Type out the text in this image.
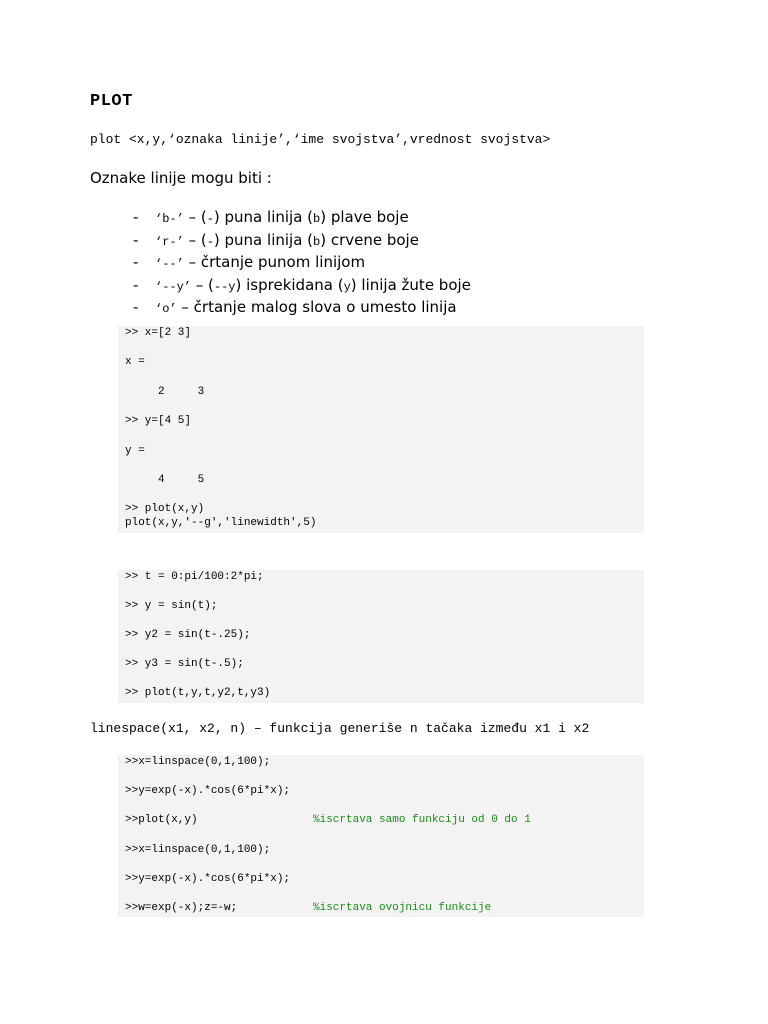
PLOT
plot <x,y,‘oznaka linije’,‘ime svojstva’,vrednost svojstva>
Oznake linije mogu biti :
- ‘b-’ – (-) puna linija (b) plave boje
- ‘r-’ – (-) puna linija (b) crvene boje
- ‘--’ – črtanje punom linijom
- ‘--y’ – (--y) isprekidana (y) linija žute boje
- ‘o’ – črtanje malog slova o umesto linija
>> x=[2 3]
x =
2     3
>> y=[4 5]
y =
4     5
>> plot(x,y)
plot(x,y,'--g','linewidth',5)
>> t = 0:pi/100:2*pi;
>> y = sin(t);
>> y2 = sin(t-.25);
>> y3 = sin(t-.5);
>> plot(t,y,t,y2,t,y3)
linespace(x1, x2, n) – funkcija generiše n tačaka između x1 i x2
>>x=linspace(0,1,100);
>>y=exp(-x).*cos(6*pi*x);
>>plot(x,y)	%iscrtava samo funkciju od 0 do 1
>>x=linspace(0,1,100);
>>y=exp(-x).*cos(6*pi*x);
>>w=exp(-x);z=-w;	%iscrtava ovojnicu funkcije
